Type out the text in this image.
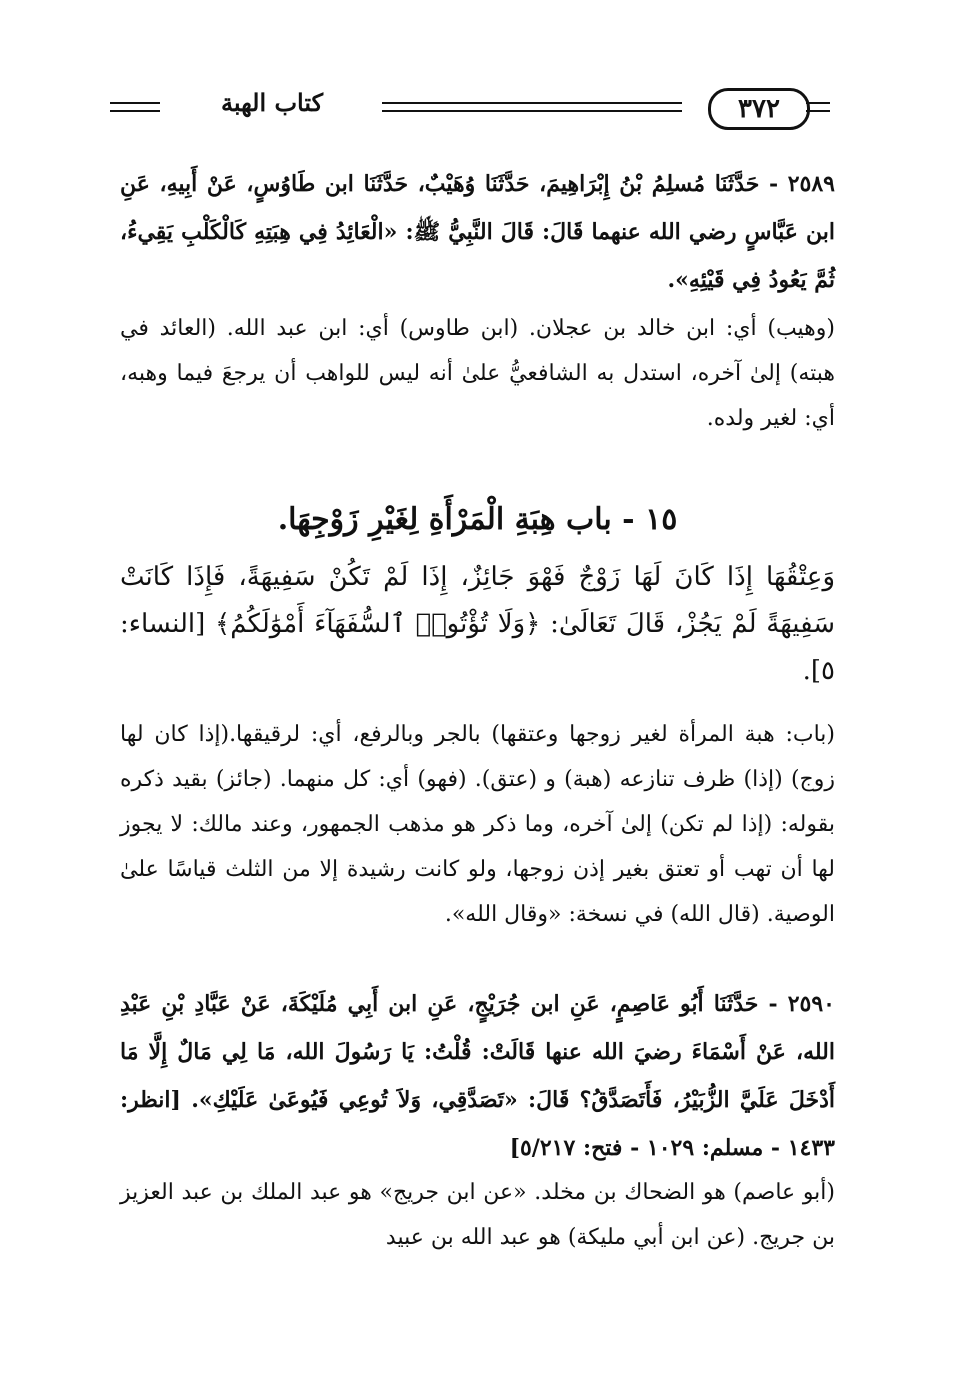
كتاب الهبة	٣٧٢

٢٥٨٩ - حَدَّثَنَا مُسلِمُ بْنُ إِبْرَاهِيمَ، حَدَّثَنَا وُهَيْبٌ، حَدَّثَنَا ابن طَاوُسٍ، عَنْ أَبِيهِ، عَنِ ابن عَبَّاسٍ رضي الله عنهما قَالَ: قَالَ النَّبِيُّ ﷺ: «الْعَائِدُ فِي هِبَتِهِ كَالْكَلْبِ يَقِيءُ، ثُمَّ يَعُودُ فِي قَيْئِهِ».

(وهيب) أي: ابن خالد بن عجلان. (ابن طاوس) أي: ابن عبد الله. (العائد في هبته) إلىٰ آخره، استدل به الشافعيُّ علىٰ أنه ليس للواهب أن يرجعَ فيما وهبه، أي: لغير ولده.

١٥ - باب هِبَةِ الْمَرْأَةِ لِغَيْرِ زَوْجِهَا.

وَعِتْقُهَا إِذَا كَانَ لَهَا زَوْجٌ فَهْوَ جَائِزٌ، إِذَا لَمْ تَكُنْ سَفِيهَةً، فَإِذَا كَانَتْ سَفِيهَةً لَمْ يَجُزْ، قَالَ تَعَالَىٰ: ﴿وَلَا تُؤْتُوا۟ ٱلسُّفَهَآءَ أَمْوَٰلَكُمُ﴾ [النساء: ٥].

(باب: هبة المرأة لغير زوجها وعتقها) بالجر وبالرفع، أي: لرقيقها.(إذا كان لها زوج) (إذا) ظرف تنازعه (هبة) و (عتق). (فهو) أي: كل منهما. (جائز) بقيد ذكره بقوله: (إذا لم تكن) إلىٰ آخره، وما ذكر هو مذهب الجمهور، وعند مالك: لا يجوز لها أن تهب أو تعتق بغير إذن زوجها، ولو كانت رشيدة إلا من الثلث قياسًا علىٰ الوصية. (قال الله) في نسخة: «وقال الله».

٢٥٩٠ - حَدَّثَنَا أَبُو عَاصِمٍ، عَنِ ابن جُرَيْجٍ، عَنِ ابن أَبِي مُلَيْكَةَ، عَنْ عَبَّادِ بْنِ عَبْدِ الله، عَنْ أَسْمَاءَ رضيَ الله عنها قَالَتْ: قُلْتُ: يَا رَسُولَ الله، مَا لِي مَالٌ إِلَّا مَا أَدْخَلَ عَلَيَّ الزُّبَيْرُ، فَأَتَصَدَّقُ؟ قَالَ: «تَصَدَّقِي، وَلاَ تُوعِي فَيُوعَىٰ عَلَيْكِ». [انظر: ١٤٣٣ - مسلم: ١٠٢٩ - فتح: ٥/٢١٧]

(أبو عاصم) هو الضحاك بن مخلد. «عن ابن جريج» هو عبد الملك بن عبد العزيز بن جريج. (عن ابن أبي مليكة) هو عبد الله بن عبيد
